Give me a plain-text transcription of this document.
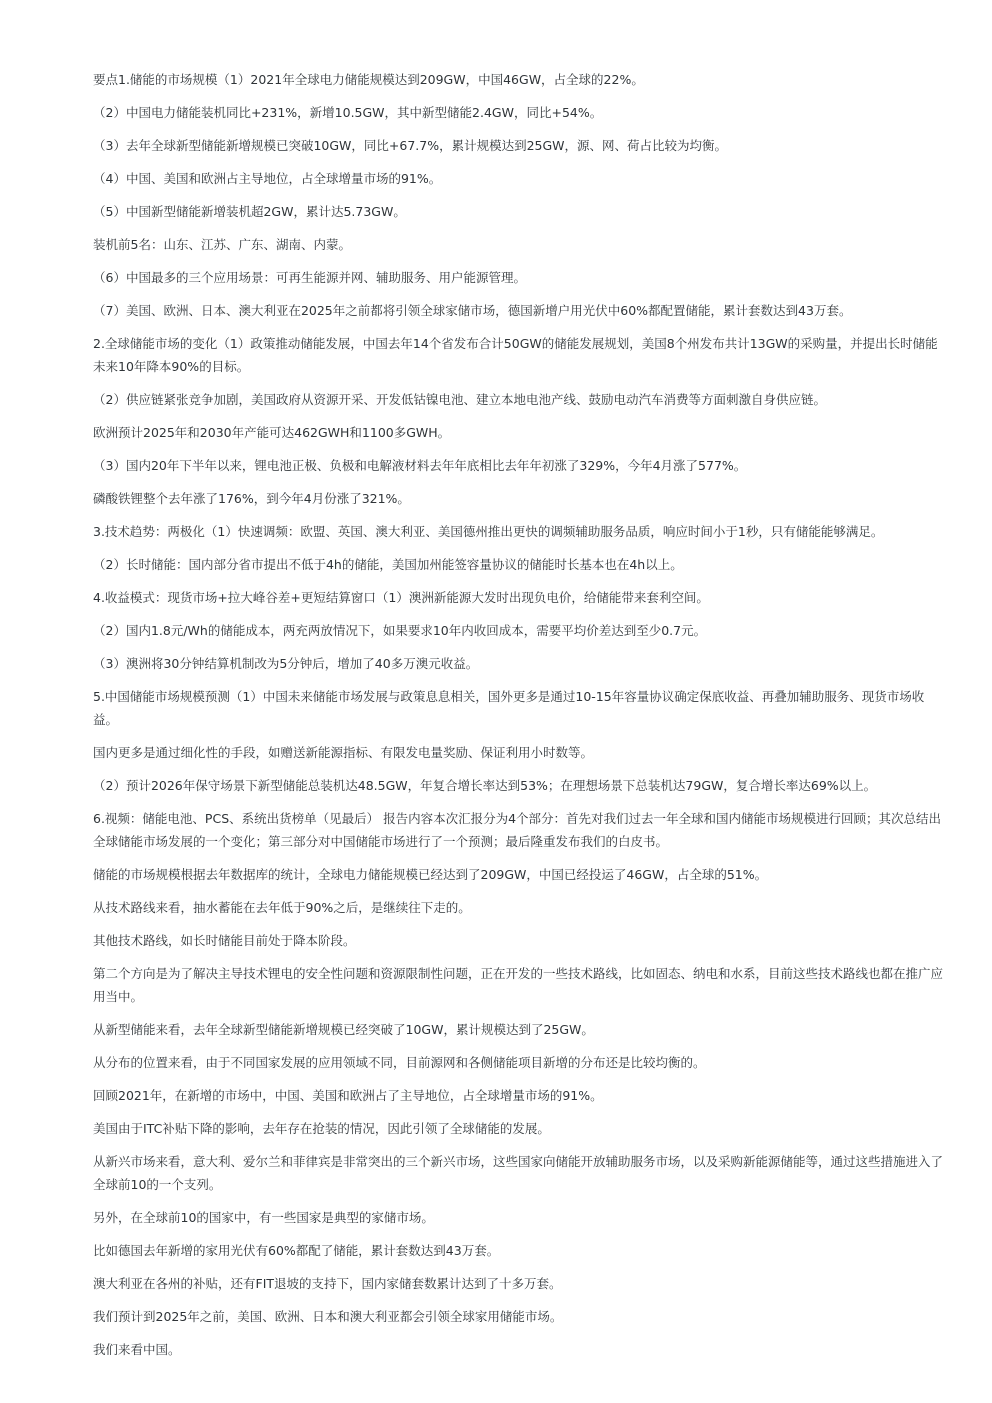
要点1.储能的市场规模（1）2021年全球电力储能规模达到209GW，中国46GW，占全球的22%。

（2）中国电力储能装机同比+231%，新增10.5GW，其中新型储能2.4GW，同比+54%。

（3）去年全球新型储能新增规模已突破10GW，同比+67.7%，累计规模达到25GW，源、网、荷占比较为均衡。

（4）中国、美国和欧洲占主导地位，占全球增量市场的91%。

（5）中国新型储能新增装机超2GW，累计达5.73GW。

装机前5名：山东、江苏、广东、湖南、内蒙。

（6）中国最多的三个应用场景：可再生能源并网、辅助服务、用户能源管理。

（7）美国、欧洲、日本、澳大利亚在2025年之前都将引领全球家储市场，德国新增户用光伏中60%都配置储能，累计套数达到43万套。

2.全球储能市场的变化（1）政策推动储能发展，中国去年14个省发布合计50GW的储能发展规划，美国8个州发布共计13GW的采购量，并提出长时储能未来10年降本90%的目标。

（2）供应链紧张竞争加剧，美国政府从资源开采、开发低钴镍电池、建立本地电池产线、鼓励电动汽车消费等方面刺激自身供应链。

欧洲预计2025年和2030年产能可达462GWH和1100多GWH。

（3）国内20年下半年以来，锂电池正极、负极和电解液材料去年年底相比去年年初涨了329%，今年4月涨了577%。

磷酸铁锂整个去年涨了176%，到今年4月份涨了321%。

3.技术趋势：两极化（1）快速调频：欧盟、英国、澳大利亚、美国德州推出更快的调频辅助服务品质，响应时间小于1秒，只有储能能够满足。

（2）长时储能：国内部分省市提出不低于4h的储能，美国加州能签容量协议的储能时长基本也在4h以上。

4.收益模式：现货市场+拉大峰谷差+更短结算窗口（1）澳洲新能源大发时出现负电价，给储能带来套利空间。

（2）国内1.8元/Wh的储能成本，两充两放情况下，如果要求10年内收回成本，需要平均价差达到至少0.7元。

（3）澳洲将30分钟结算机制改为5分钟后，增加了40多万澳元收益。

5.中国储能市场规模预测（1）中国未来储能市场发展与政策息息相关，国外更多是通过10-15年容量协议确定保底收益、再叠加辅助服务、现货市场收益。

国内更多是通过细化性的手段，如赠送新能源指标、有限发电量奖励、保证利用小时数等。

（2）预计2026年保守场景下新型储能总装机达48.5GW，年复合增长率达到53%；在理想场景下总装机达79GW，复合增长率达69%以上。

6.视频：储能电池、PCS、系统出货榜单（见最后） 报告内容本次汇报分为4个部分：首先对我们过去一年全球和国内储能市场规模进行回顾；其次总结出全球储能市场发展的一个变化；第三部分对中国储能市场进行了一个预测；最后隆重发布我们的白皮书。

储能的市场规模根据去年数据库的统计，全球电力储能规模已经达到了209GW，中国已经投运了46GW，占全球的51%。

从技术路线来看，抽水蓄能在去年低于90%之后，是继续往下走的。

其他技术路线，如长时储能目前处于降本阶段。

第二个方向是为了解决主导技术锂电的安全性问题和资源限制性问题，正在开发的一些技术路线，比如固态、纳电和水系，目前这些技术路线也都在推广应用当中。

从新型储能来看，去年全球新型储能新增规模已经突破了10GW，累计规模达到了25GW。

从分布的位置来看，由于不同国家发展的应用领域不同，目前源网和各侧储能项目新增的分布还是比较均衡的。

回顾2021年，在新增的市场中，中国、美国和欧洲占了主导地位，占全球增量市场的91%。

美国由于ITC补贴下降的影响，去年存在抢装的情况，因此引领了全球储能的发展。

从新兴市场来看，意大利、爱尔兰和菲律宾是非常突出的三个新兴市场，这些国家向储能开放辅助服务市场，以及采购新能源储能等，通过这些措施进入了全球前10的一个支列。

另外，在全球前10的国家中，有一些国家是典型的家储市场。

比如德国去年新增的家用光伏有60%都配了储能，累计套数达到43万套。

澳大利亚在各州的补贴，还有FIT退坡的支持下，国内家储套数累计达到了十多万套。

我们预计到2025年之前，美国、欧洲、日本和澳大利亚都会引领全球家用储能市场。

我们来看中国。
